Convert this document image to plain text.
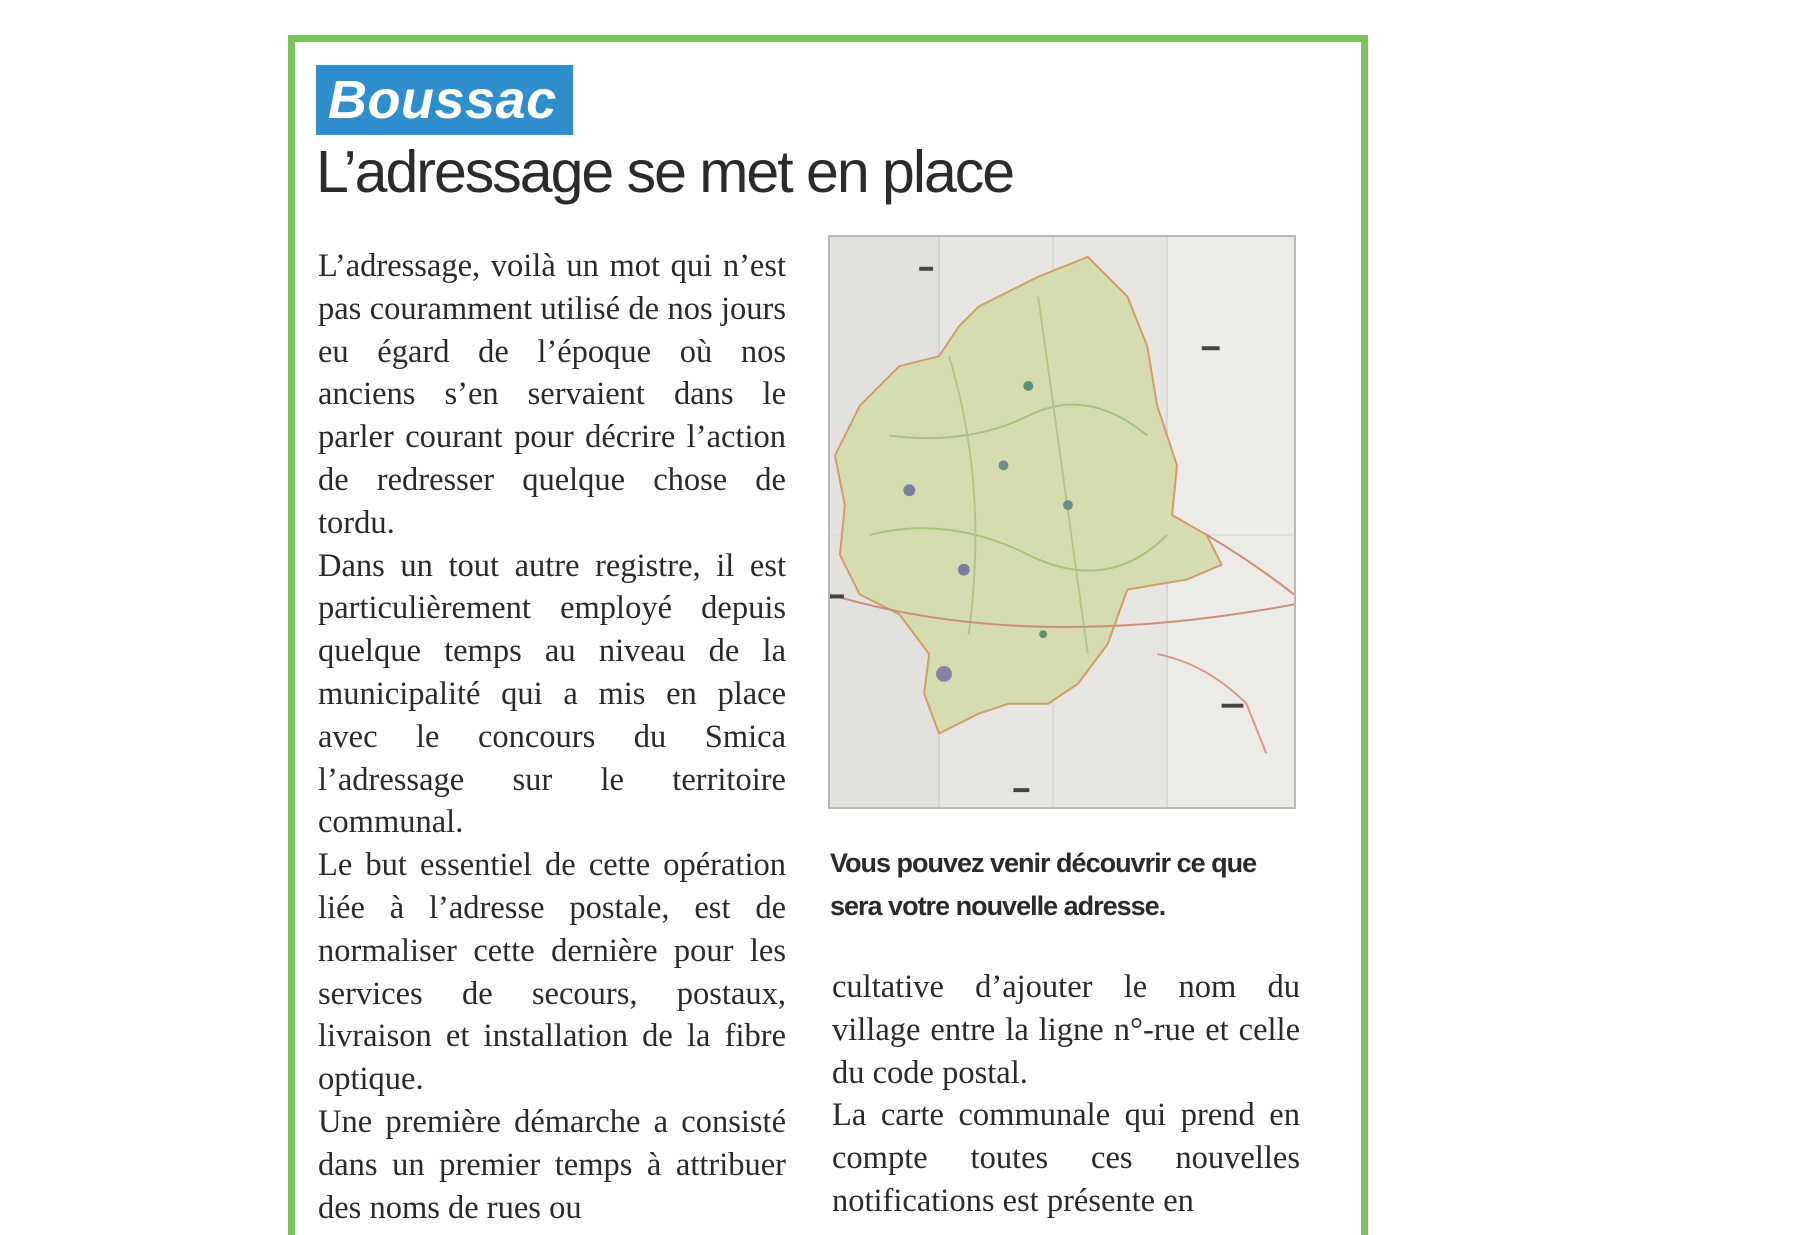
Boussac
L’adressage se met en place

L’adressage, voilà un mot qui n’est pas couramment utilisé de nos jours eu égard de l’époque où nos anciens s’en servaient dans le parler courant pour décrire l’action de redresser quelque chose de tordu.

Dans un tout autre registre, il est particulièrement employé depuis quelque temps au niveau de la municipalité qui a mis en place avec le concours du Smica l’adressage sur le territoire communal.

Le but essentiel de cette opération liée à l’adresse postale, est de normaliser cette dernière pour les services de secours, postaux, livraison et installation de la fibre optique.

Une première démarche a consisté dans un premier temps à attribuer des noms de rues ou

Vous pouvez venir découvrir ce que sera votre nouvelle adresse.

cultative d’ajouter le nom du village entre la ligne n°-rue et celle du code postal.

La carte communale qui prend en compte toutes ces nouvelles notifications est présente en
